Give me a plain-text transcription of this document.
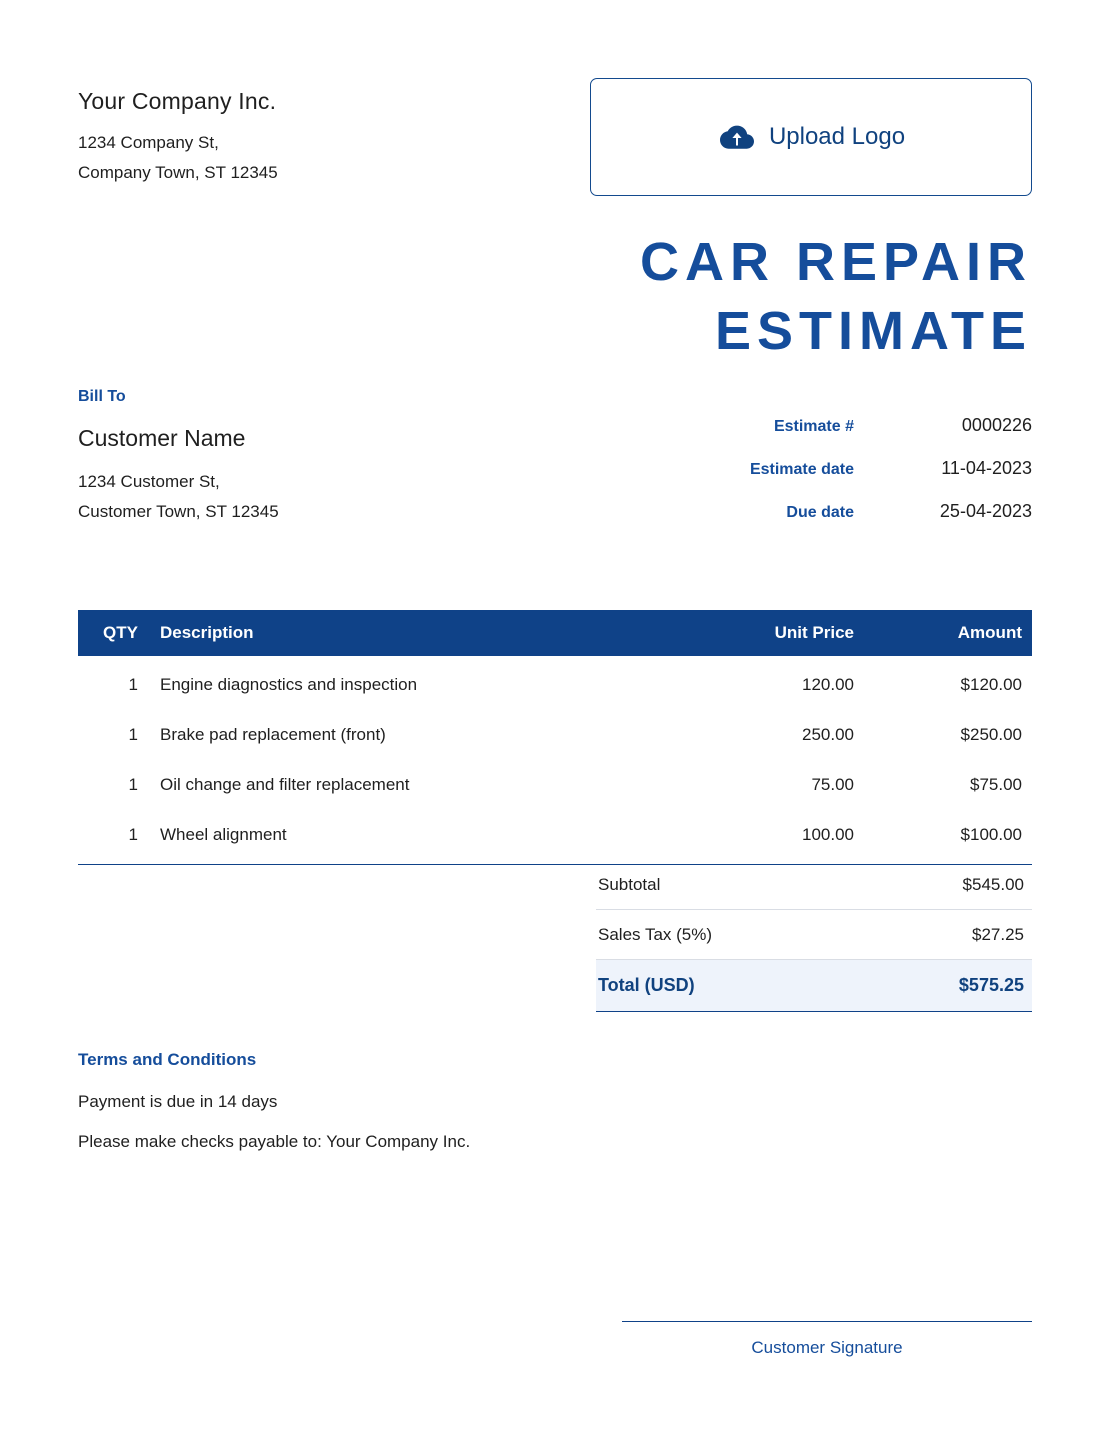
Your Company Inc.
1234 Company St,
Company Town, ST 12345
Upload Logo
CAR REPAIR
ESTIMATE
Bill To
Customer Name
1234 Customer St,
Customer Town, ST 12345
Estimate #	0000226
Estimate date	11-04-2023
Due date	25-04-2023
QTY	Description	Unit Price	Amount
1	Engine diagnostics and inspection	120.00	$120.00
1	Brake pad replacement (front)	250.00	$250.00
1	Oil change and filter replacement	75.00	$75.00
1	Wheel alignment	100.00	$100.00
Subtotal	$545.00
Sales Tax (5%)	$27.25
Total (USD)	$575.25
Terms and Conditions
Payment is due in 14 days
Please make checks payable to: Your Company Inc.
Customer Signature
